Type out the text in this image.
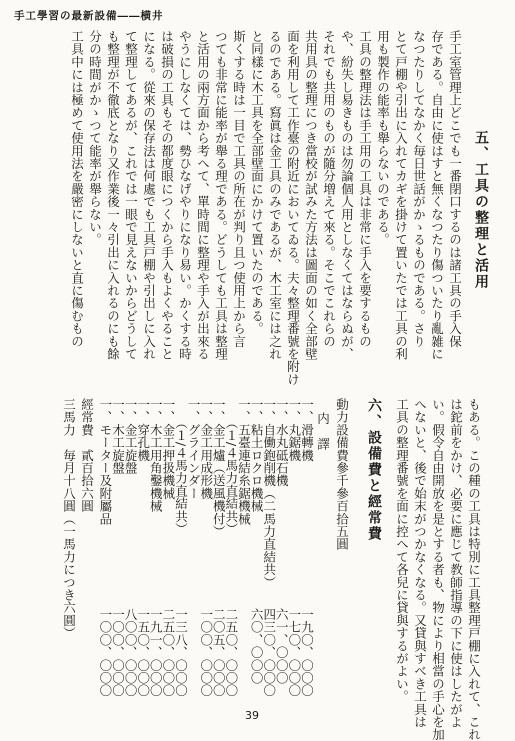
手工學習の最新設備――横井
五、工具の整理と活用
手工室管理上どこでも一番閉口するのは諸工具の手入保
存である。自由に使はすと無くなつたり傷ついたり亂雑に
なつたりしてなかく毎日世話がかゝるものである。さり
とて戸棚や引出に入れてカギを掛けて置いたでは工具の利
用も製作の能率も舉らないのである。
工具の整理法は手工用の工具は非常に手入を要するもの
や、紛失し易きものは勿論個人用としなくてはならぬが、
それでも共用のものが隨分増えて來る。そこでこれらの
共用具の整理につき當校が試みた方法は圖面の如く全部壁
面を利用して工作臺の附近においてゐる。夫々整理番號を附け
るのである。寫眞は金工具のみであるが、木工室には之れ
と同樣に木工具を全部壁面にかけて置いたのである。
斯くする時は一目で工具の所在が判り且つ使用上から言
つても非常に能率が舉る理である。どうしても工具は整理
と活用の兩方面から考へて、單時間に整理や手入が出來る
やうにしなくては、勢ひなげやりになり易い。かくする時
は破損の工具もその都度眼につくから手入もよくやること
になる。從來の保存法は何處でも工具戸棚や引出しに入れ
て整理してあるが、これでは一眼で見えないからどうして
も整理が不徹底となり又作業後一々引出に入れるのにも餘
分の時間がかゝつて能率が舉らない。
工具中には極めて使用法を嚴密にしないと直に傷むもの
もある。この種の工具は特別に工具整理戸棚に入れて、これ
は鉈前をかけ、必要に應じて教師指導の下に使はしたがよ
い。假令自由開放を是とする者も、物により相當の手心を加
へないと、後で始末がつかなくなる。又貸與すべき工具は
工具の整理番號を面に控へて各兒に貸與するがよい。
六、設備費と經常費
動力設備費參千參百拾五圓
内　譯
一、滑轉機
一、丸鋸機
一、水丸砥石機
一、自働鉋削機（二馬力直結共）
一、粘土ロクロ機械
一、五臺連結糸鋸機械
　（１/４馬力直結共）
一、金工爐（送風機付）
一、金工用成形機
一、グラインダー
　（１/４馬力直結共）
一、金工押扱機械
一、木工用角鑿機械
一、穿孔機
一、金工旋盤
一、木工旋盤
一、モーター及附屬品
一九〇、〇〇〇
一七〇、〇〇〇
六一、〇〇〇
四三〇、〇〇〇
六〇、〇〇〇
二五〇、〇〇〇
二〇五、〇〇〇
一〇〇、〇〇〇
一三八、〇〇〇
二五〇、〇〇〇
一九一、〇〇〇
一五〇、〇〇〇
八〇〇、〇〇〇
一〇〇、〇〇〇
一〇〇、〇〇〇
經常費　貳百拾六圓
三馬力　毎月十八圓（一馬力につき六圓）
39
